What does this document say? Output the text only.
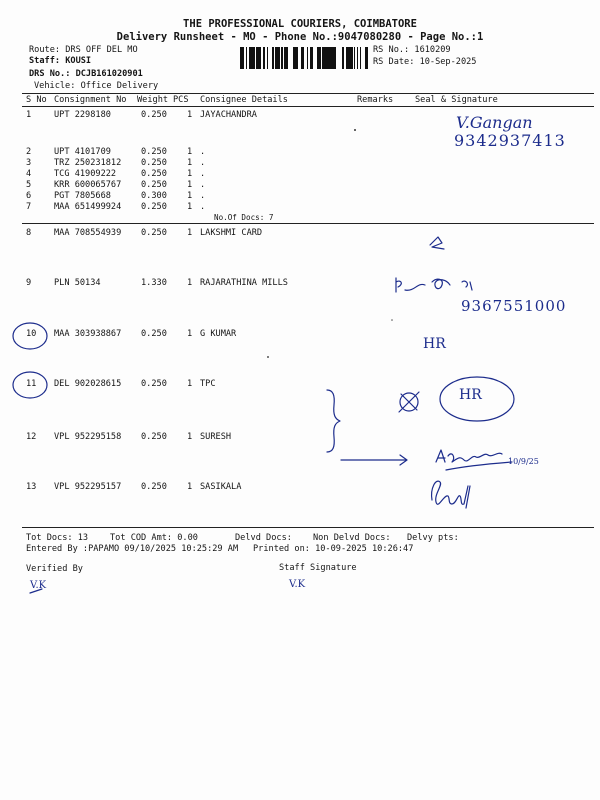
THE PROFESSIONAL COURIERS, COIMBATORE
Delivery Runsheet - MO - Phone No.:9047080280 - Page No.:1
Route: DRS OFF DEL MO
Staff: KOUSI
DRS No.: DCJB161020901
Vehicle: Office Delivery
RS No.: 1610209
RS Date: 10-Sep-2025
S No Consignment No Weight PCS Consignee Details	Remarks	Seal & Signature
1	UPT 2298180	0.250 1 JAYACHANDRA
2	UPT 4101709	0.250 1 .
3	TRZ 250231812 0.250 1 .
4	TCG 41909222	0.250 1 .
5	KRR 600065767 0.250 1 .
6	PGT 7805668	0.300 1 .
7	MAA 651499924 0.250 1 .
No.Of Docs: 7
8	MAA 708554939 0.250 1 LAKSHMI CARD
9	PLN 50134	1.330 1 RAJARATHINA MILLS
10 MAA 303938867 0.250 1 G KUMAR
11 DEL 902028615 0.250 1 TPC
12 VPL 952295158 0.250 1 SURESH
13 VPL 952295157 0.250 1 SASIKALA
Tot Docs: 13	Tot COD Amt: 0.00	Delvd Docs: Non Delvd Docs: Delvy pts:
Entered By :PAPAMO 09/10/2025 10:25:29 AM Printed on: 10-09-2025 10:26:47
Verified By	Staff Signature
V.Gangan
9342937413
9367551000
HR
HR
10/9/25
V.K	V.K
